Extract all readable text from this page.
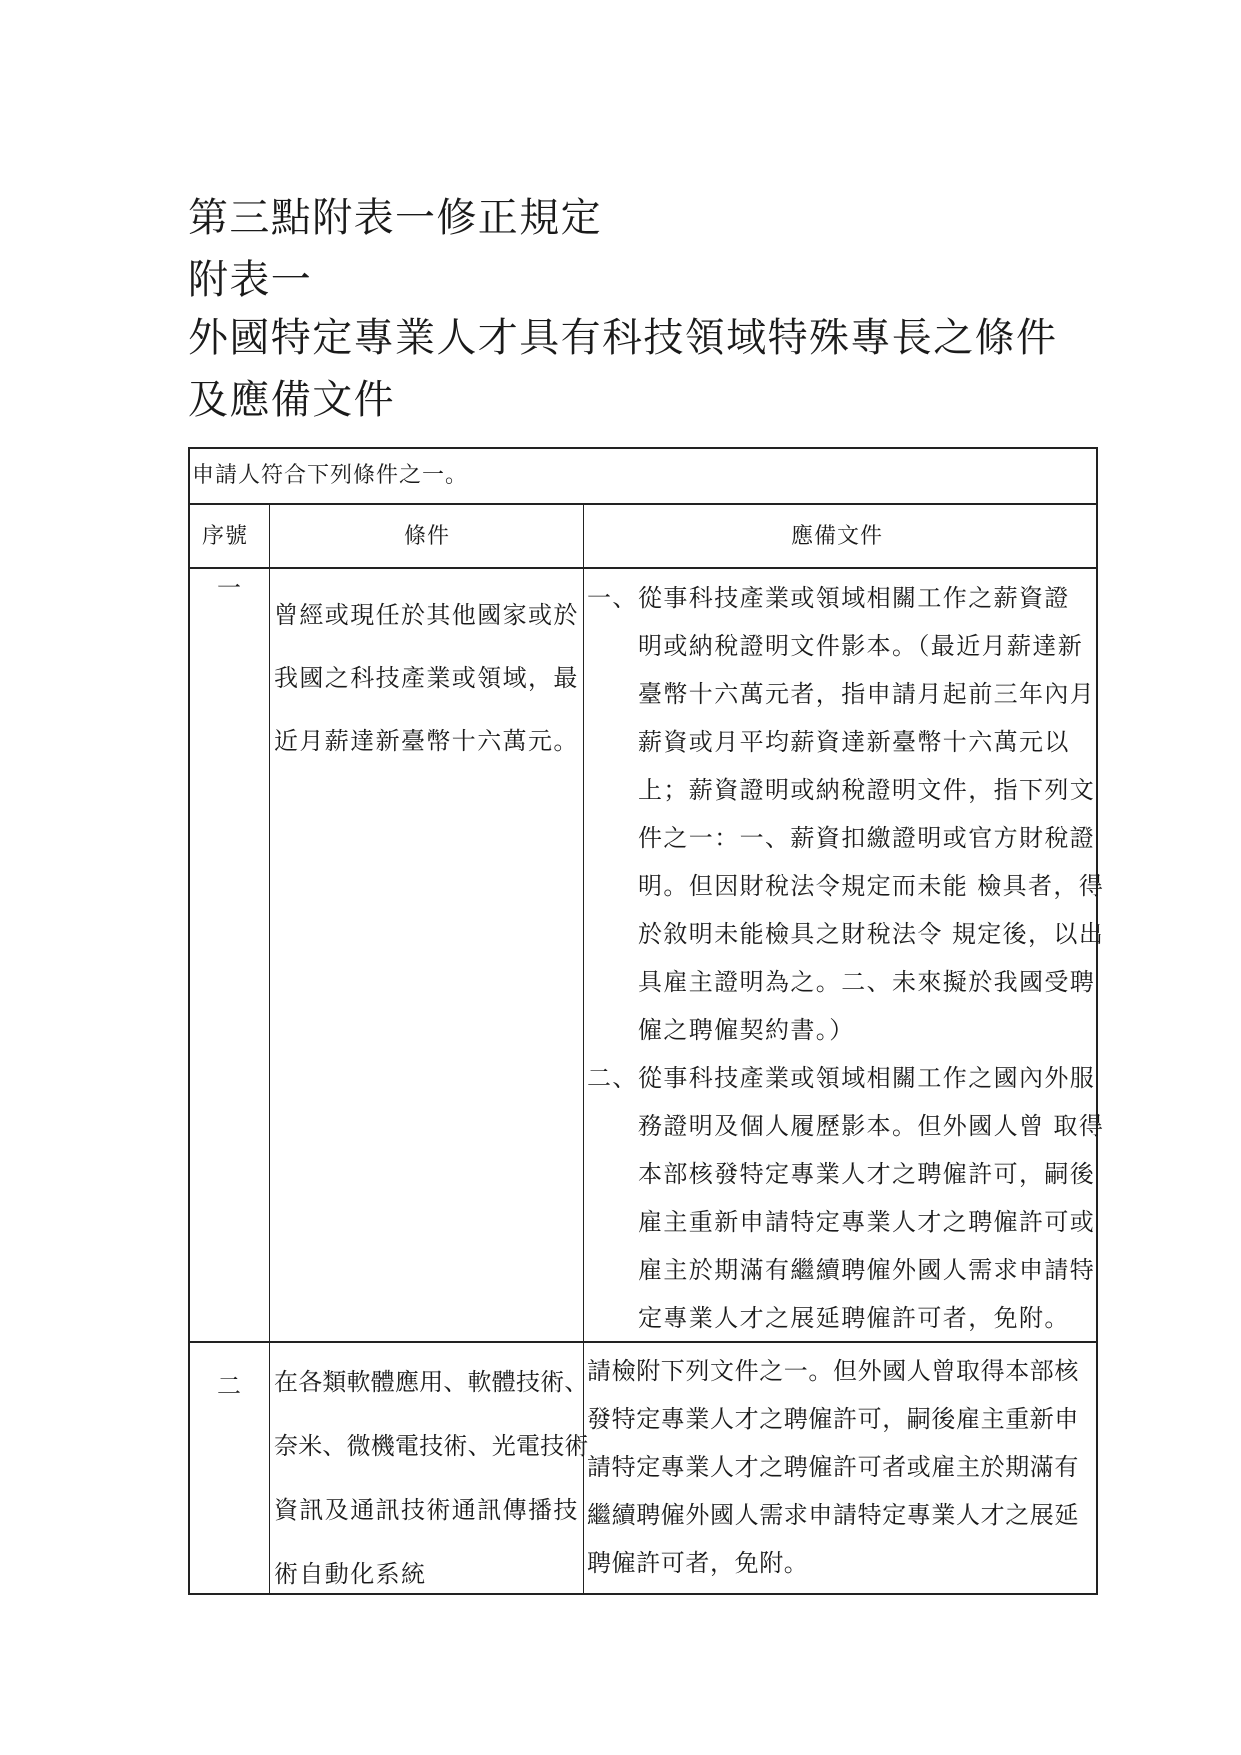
第三點附表一修正規定
附表一
外國特定專業人才具有科技領域特殊專長之條件
及應備文件
申請人符合下列條件之一。
序號	條件	應備文件
一
曾經或現任於其他國家或於
我國之科技產業或領域，最
近月薪達新臺幣十六萬元。
一、 從事科技產業或領域相關工作之薪資證
明或納稅證明文件影本。（最近月薪達新
臺幣十六萬元者，指申請月起前三年內月
薪資或月平均薪資達新臺幣十六萬元以
上；薪資證明或納稅證明文件，指下列文
件之一：一、薪資扣繳證明或官方財稅證
明。但因財稅法令規定而未能 檢具者，得
於敘明未能檢具之財稅法令 規定後，以出
具雇主證明為之。二、未來擬於我國受聘
僱之聘僱契約書。）
二、 從事科技產業或領域相關工作之國內外服
務證明及個人履歷影本。但外國人曾 取得
本部核發特定專業人才之聘僱許可，嗣後
雇主重新申請特定專業人才之聘僱許可或
雇主於期滿有繼續聘僱外國人需求申請特
定專業人才之展延聘僱許可者，免附。
二 在各類軟體應用、軟體技術、
奈米、微機電技術、光電技術
資訊及通訊技術通訊傳播技
術自動化系統
請檢附下列文件之一。但外國人曾取得本部核
發特定專業人才之聘僱許可，嗣後雇主重新申
請特定專業人才之聘僱許可者或雇主於期滿有
繼續聘僱外國人需求申請特定專業人才之展延
聘僱許可者，免附。
